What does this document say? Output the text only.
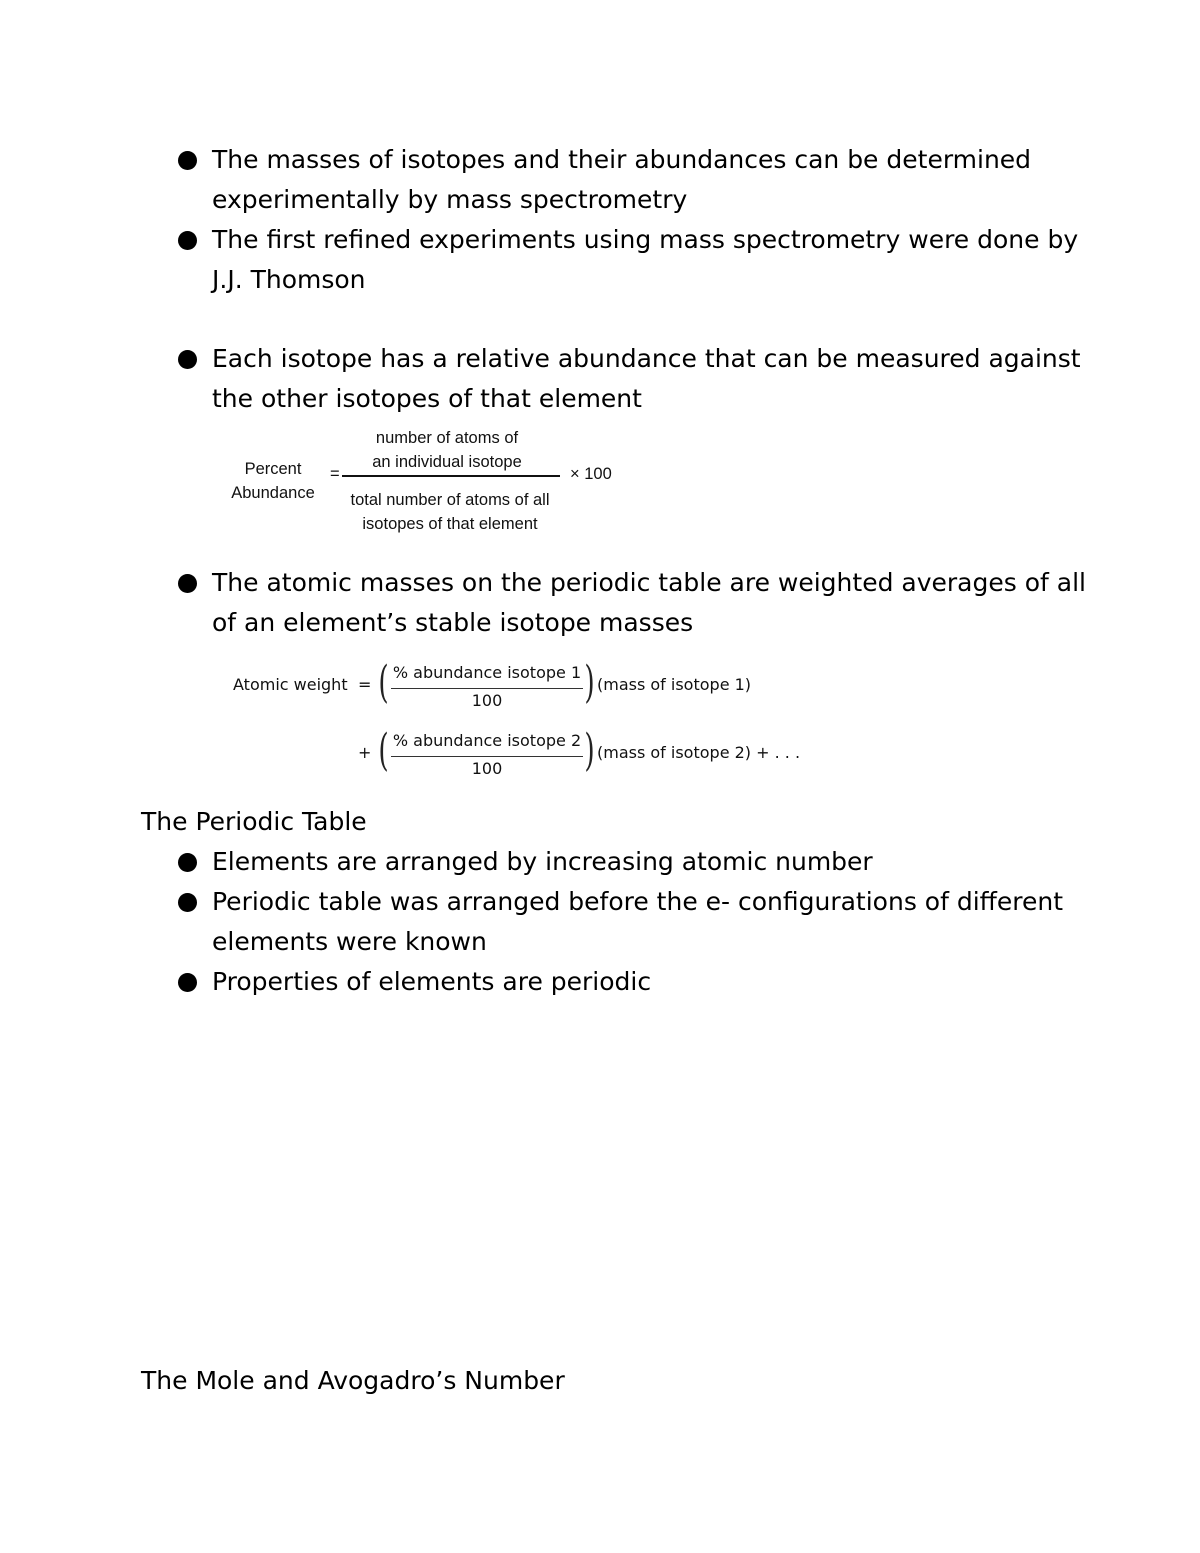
The masses of isotopes and their abundances can be determined experimentally by mass spectrometry
The first refined experiments using mass spectrometry were done by J.J. Thomson
Each isotope has a relative abundance that can be measured against the other isotopes of that element
Percent
Abundance
=
number of atoms of
an individual isotope
total number of atoms of all
isotopes of that element
× 100
The atomic masses on the periodic table are weighted averages of all of an element’s stable isotope masses
Atomic weight = ( % abundance isotope 1
100	) (mass of isotope 1)
+ ( % abundance isotope 2
100	) (mass of isotope 2) + . . .
The Periodic Table
Elements are arranged by increasing atomic number
Periodic table was arranged before the e- configurations of different elements were known
Properties of elements are periodic
The Mole and Avogadro’s Number
